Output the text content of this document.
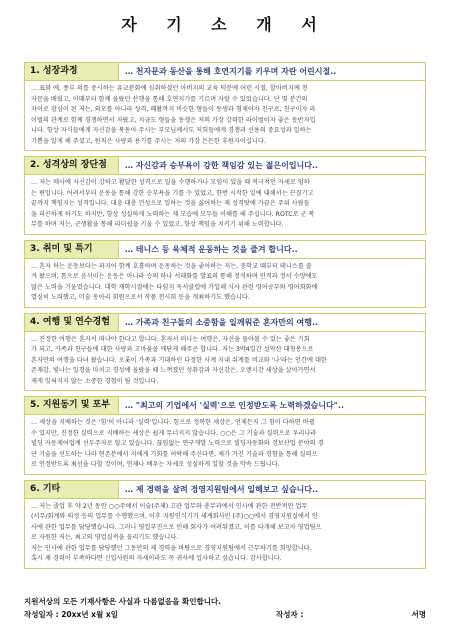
자 기 소 개 서
1. 성장과정	… 천자문과 동산을 통해 호연지기를 키우며 자란 어린시절..
… 표와 에, 종부 의를 중시하는 유교문화에 심취하셨던 아버지의 교육 덕분에 어린 시절, 할아버지께 천
자문을 배웠고, 이때부터 함께 올랐던 산행을 통해 호연지기를 기르며 자랄 수 있었습니다. 단 몇 분간의
자이로 잠심이 된 저는, 외모를 아니라 성격, 쾌활까지 비슷한 형들이 동생과 형제이자 친구로, 친구이자 라
이벌의 관계로 함께 경쟁하면서 자랐고, 지금도 형들을 동생은 저의 가장 강력한 라이벌이자 좋은 동반자입
니다. 항상 자식들에게 자신감을 북돋아 주시는 부모님께서도 저희들에게 경쟁과 신용의 중요성과 일하는
기쁨을 알게 해 주셨고, 원칙은 사랑과 용기를 주시는 저의 가장 든든한 후원자이십니다.
2. 성격상의 장단점	… 자신감과 승부욕이 강한 책임감 있는 젊은이입니다..
… 저는 매사에 자신감이 강하고 활달한 성격으로 일을 수행하거나 모임이 있을 때 적극적인 자세로 임하
는 편입니다. 어려서부터 운동을 통해 강한 승부욕을 기를 수 있었고, 한번 시작한 일에 대해서는 끈질기고
끝까지 책임지는 성격입니다. 대충 대충 건성으로 일하는 것을 싫어하는 제 성격탓에 가끔은 주위 사람들
을 피곤하게 하기도 하지만, 항상 성실하게 노력하는 제 모습에 모두들 이해를 해 주십니다. ROTC로 군 복
무를 하며 저는, 군생활을 통해 리더쉽을 키울 수 있었고, 항상 책임을 지키기 위해 노력합니다.
3. 취미 및 특기	… 테니스 등 육체적 운동하는 것을 즐겨 합니다..
… 혼자 하는 운동보다는 파지어 함께 호흡하며 운동하는 것을 좋아하는 저는, 중학교 때부터 테니스를 즐
겨 왔으며, 틈으로 음식이는 운동은 아니라 승의 하나 서래화를 발표의 통해 정석하며 인격과 정서 수양에도
많은 노력을 기울였습니다. 대학 재학시절에는 타임지 독서클럽에 가입해 시사 관련 영어공부와 영어회화에
열심히 노력했고, 미술 동아리 회원으로서 작품 전시회 등을 개최하기도 했습니다.
4. 여행 및 연수경험	… 가족과 친구들의 소중함을 일깨워준 혼자만의 여행..
… 진정한 여행은 혼자서 떠나야 한다고 합니다. 혼자서 떠나는 여행은, 자신을 돌아볼 수 있는 좋은 기회
가 되고, 가족과 친구들에 대한 사랑과 고마움을 깨닫게 해주곤 합니다. 저는 3박4일간 설악산 대청봉으로
혼자만의 여행을 다녀 왔습니다. 오롯이 가족과 기대하던 다정한 사계 지내 쉬계를 비교와 '나'라는 인간에 대한
존재감, 빛나는 일경을 마치고 경성에 올랐을 때 느껴졌던 성취감과 자신감은, 오랜시간 세상을 살아가면서
제게 잊혀지지 않는 소중한 경험이 될 것입니다.
5. 지원동기 및 포부	… "최고의 기업에서 '실력'으로 인정받도록 노력하겠습니다"..
… 세상을 지배하는 것은 '힘'이 아니라 '실력'입니다. 힘으로 정복한 세상은, 언제든지 그 힘이 다하면 바뀔
수 있지만, 진정한 실력으로 지배하는 세상은 쉽게 무너지지 않습니다. ○○은 그 기술과 실력으로 우리나라
빌딩 자동제어업계 선두주자로 앞고 있습니다. 끊임없는 연구개발 노력으로 빌딩자동화와 정보산업 분야의 경
단 기술을 선도하는 나라 현존분에서 저에게 기회를 허락해 주신다면, 제가 가진 기술과 경험을 통해 실력으
로 인정받도록 최선을 다할 것이며, 언제나 배우는 자세로 성실하게 일할 것을 약속 드립니다.
6. 기타	… 제 경력을 살려 경영지원팀에서 일해보고 싶습니다..
… 저는 졸업 후 약 2년 동안 ○○주에서 이슬(주제) 고관 업무와 총무과에서 인사에 관한 전반적인 업무
(서무/회계와 의정 등의 업무를 수행했으며, 이후 지원인식기기 세계회사인 (주)○○에서 경영지원실에서 인
사에 관한 업무를 담당했습니다. 그러나 영업부진으로 인해 회사가 어려워졌고, 이를 타개해 보고자 영업팀으
로 자원한 저는, 최고의 영업실적을 올리기도 했습니다.
저는 인사에 관한 업무를 담당했던 그동안의 제 경력을 바탕으로 경영지원팀에서 근무하기를 희망합니다.
혹시 제 경력이 부족하다면 신입사원의 자세이라도 꼭 귀사에 입사하고 싶습니다. 감사합니다.
지원서상의 모든 기재사항은 사실과 다름없음을 확인합니다.
작성일자 : 20xx년 x월 x일	작성자 :	서명
